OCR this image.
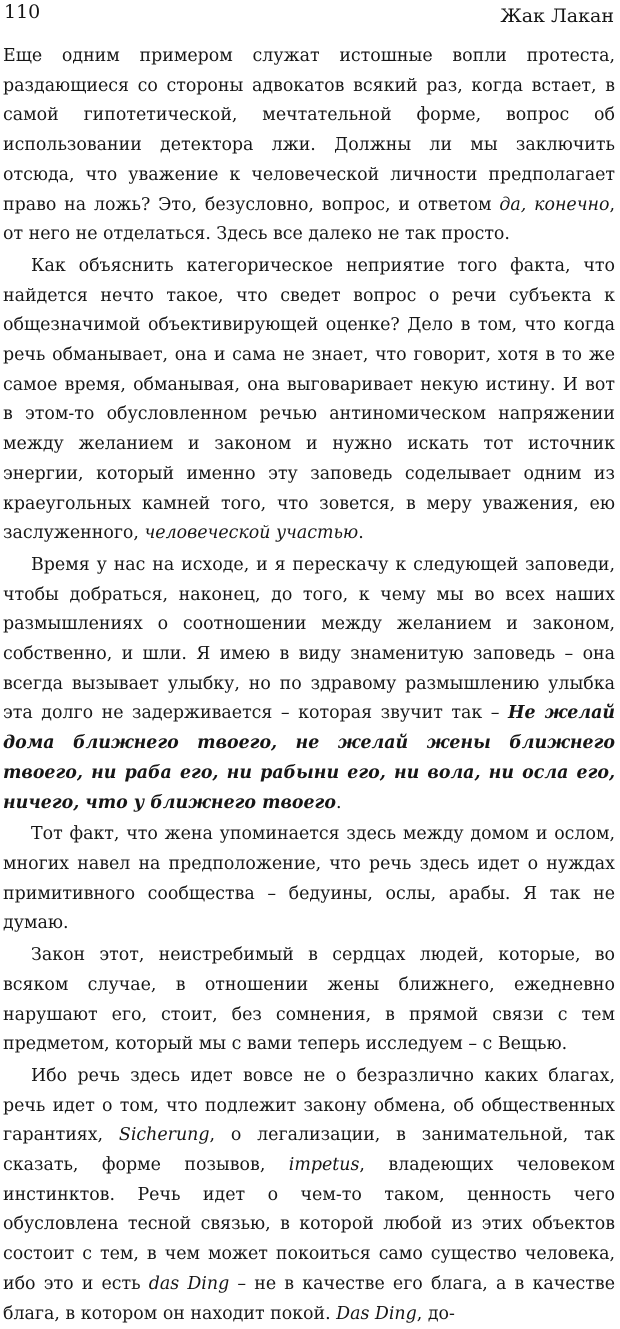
110	Жак Лакан

Еще одним примером служат истошные вопли протеста, раздающиеся со стороны адвокатов всякий раз, когда встает, в самой гипотетической, мечтательной форме, вопрос об использовании детектора лжи. Должны ли мы заключить отсюда, что уважение к человеческой личности предполагает право на ложь? Это, безусловно, вопрос, и ответом да, конечно, от него не отделаться. Здесь все далеко не так просто.

Как объяснить категорическое неприятие того факта, что найдется нечто такое, что сведет вопрос о речи субъекта к общезначимой объективирующей оценке? Дело в том, что когда речь обманывает, она и сама не знает, что говорит, хотя в то же самое время, обманывая, она выговаривает некую истину. И вот в этом-то обусловленном речью антиномическом напряжении между желанием и законом и нужно искать тот источник энергии, который именно эту заповедь соделывает одним из краеугольных камней того, что зовется, в меру уважения, ею заслуженного, человеческой участью.

Время у нас на исходе, и я перескачу к следующей заповеди, чтобы добраться, наконец, до того, к чему мы во всех наших размышлениях о соотношении между желанием и законом, собственно, и шли. Я имею в виду знаменитую заповедь – она всегда вызывает улыбку, но по здравому размышлению улыбка эта долго не задерживается – которая звучит так – Не желай дома ближнего твоего, не желай жены ближнего твоего, ни раба его, ни рабыни его, ни вола, ни осла его, ничего, что у ближнего твоего.

Тот факт, что жена упоминается здесь между домом и ослом, многих навел на предположение, что речь здесь идет о нуждах примитивного сообщества – бедуины, ослы, арабы. Я так не думаю.

Закон этот, неистребимый в сердцах людей, которые, во всяком случае, в отношении жены ближнего, ежедневно нарушают его, стоит, без сомнения, в прямой связи с тем предметом, который мы с вами теперь исследуем – с Вещью.

Ибо речь здесь идет вовсе не о безразлично каких благах, речь идет о том, что подлежит закону обмена, об общественных гарантиях, Sicherung, о легализации, в занимательной, так сказать, форме позывов, impetus, владеющих человеком инстинктов. Речь идет о чем-то таком, ценность чего обусловлена тесной связью, в которой любой из этих объектов состоит с тем, в чем может покоиться само существо человека, ибо это и есть das Ding – не в качестве его блага, а в качестве блага, в котором он находит покой. Das Ding, до-
